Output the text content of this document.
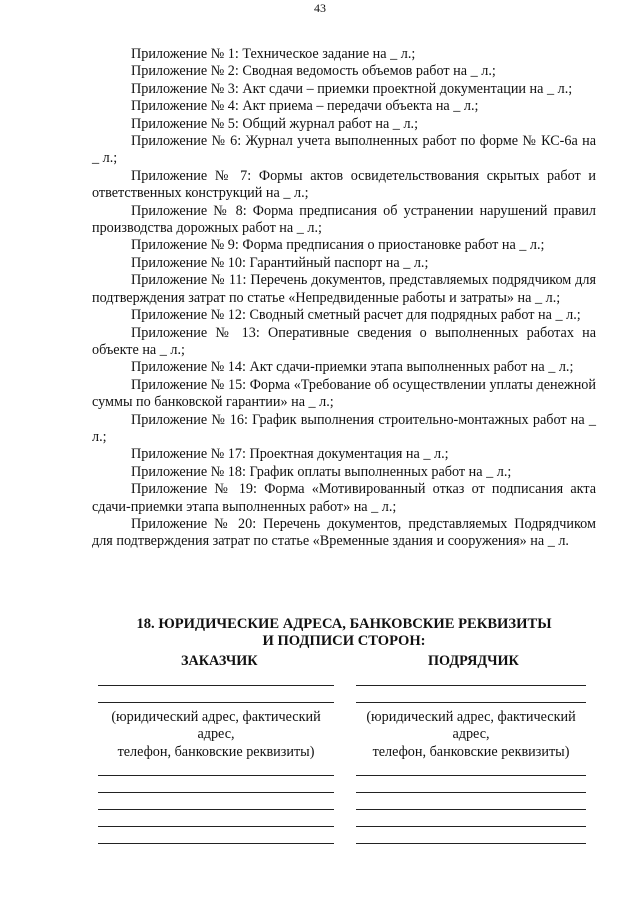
43

Приложение № 1: Техническое задание на _ л.;

Приложение № 2: Сводная ведомость объемов работ на _ л.;

Приложение № 3: Акт сдачи – приемки проектной документации на _ л.;

Приложение № 4: Акт приема – передачи объекта на _ л.;

Приложение № 5: Общий журнал работ на _ л.;

Приложение № 6: Журнал учета выполненных работ по форме № КС-6а на _ л.;

Приложение № 7: Формы актов освидетельствования скрытых работ и ответственных конструкций на _ л.;

Приложение № 8: Форма предписания об устранении нарушений правил производства дорожных работ на _ л.;

Приложение № 9: Форма предписания о приостановке работ на _ л.;

Приложение № 10: Гарантийный паспорт на _ л.;

Приложение № 11: Перечень документов, представляемых подрядчиком для подтверждения затрат по статье «Непредвиденные работы и затраты» на _ л.;

Приложение № 12: Сводный сметный расчет для подрядных работ на _ л.;

Приложение № 13: Оперативные сведения о выполненных работах на объекте на _ л.;

Приложение № 14: Акт сдачи-приемки этапа выполненных работ на _ л.;

Приложение № 15: Форма «Требование об осуществлении уплаты денежной суммы по банковской гарантии» на _ л.;

Приложение № 16: График выполнения строительно-монтажных работ на _ л.;

Приложение № 17: Проектная документация на _ л.;

Приложение № 18: График оплаты выполненных работ на _ л.;

Приложение № 19: Форма «Мотивированный отказ от подписания акта сдачи-приемки этапа выполненных работ» на _ л.;

Приложение № 20: Перечень документов, представляемых Подрядчиком для подтверждения затрат по статье «Временные здания и сооружения» на _ л.

18. ЮРИДИЧЕСКИЕ АДРЕСА, БАНКОВСКИЕ РЕКВИЗИТЫ
И ПОДПИСИ СТОРОН:
ЗАКАЗЧИК	ПОДРЯДЧИК
(юридический адрес, фактический
адрес,
телефон, банковские реквизиты)
(юридический адрес, фактический
адрес,
телефон, банковские реквизиты)
